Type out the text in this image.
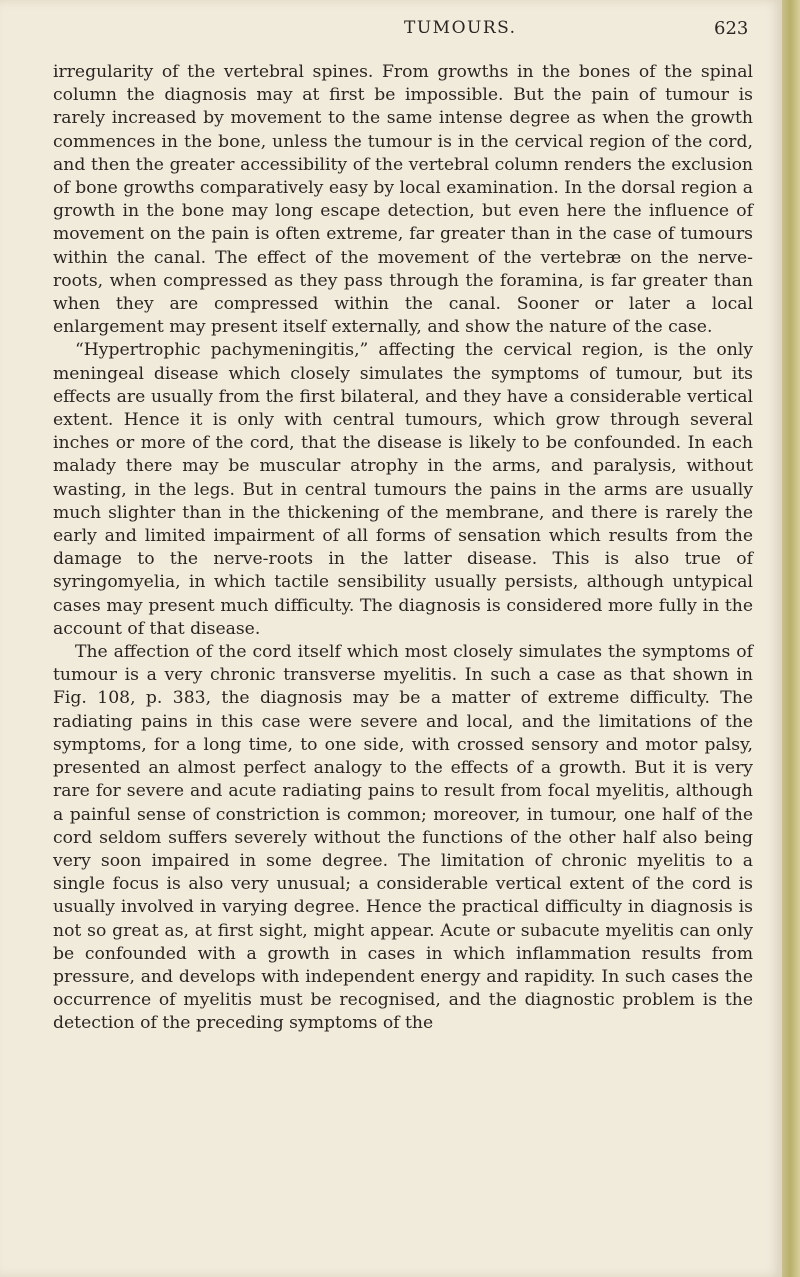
TUMOURS.	623

irregularity of the vertebral spines. From growths in the bones of the spinal column the diagnosis may at first be impossible. But the pain of tumour is rarely increased by movement to the same intense degree as when the growth commences in the bone, unless the tumour is in the cervical region of the cord, and then the greater accessibility of the vertebral column renders the exclusion of bone growths comparatively easy by local examination. In the dorsal region a growth in the bone may long escape detection, but even here the influence of movement on the pain is often extreme, far greater than in the case of tumours within the canal. The effect of the movement of the vertebræ on the nerve-roots, when compressed as they pass through the foramina, is far greater than when they are compressed within the canal. Sooner or later a local enlargement may present itself externally, and show the nature of the case.

“Hypertrophic pachymeningitis,” affecting the cervical region, is the only meningeal disease which closely simulates the symptoms of tumour, but its effects are usually from the first bilateral, and they have a considerable vertical extent. Hence it is only with central tumours, which grow through several inches or more of the cord, that the disease is likely to be confounded. In each malady there may be muscular atrophy in the arms, and paralysis, without wasting, in the legs. But in central tumours the pains in the arms are usually much slighter than in the thickening of the membrane, and there is rarely the early and limited impairment of all forms of sensation which results from the damage to the nerve-roots in the latter disease. This is also true of syringomyelia, in which tactile sensibility usually persists, although untypical cases may present much difficulty. The diagnosis is considered more fully in the account of that disease.

The affection of the cord itself which most closely simulates the symptoms of tumour is a very chronic transverse myelitis. In such a case as that shown in Fig. 108, p. 383, the diagnosis may be a matter of extreme difficulty. The radiating pains in this case were severe and local, and the limitations of the symptoms, for a long time, to one side, with crossed sensory and motor palsy, presented an almost perfect analogy to the effects of a growth. But it is very rare for severe and acute radiating pains to result from focal myelitis, although a painful sense of constriction is common; moreover, in tumour, one half of the cord seldom suffers severely without the functions of the other half also being very soon impaired in some degree. The limitation of chronic myelitis to a single focus is also very unusual; a considerable vertical extent of the cord is usually involved in varying degree. Hence the practical difficulty in diagnosis is not so great as, at first sight, might appear. Acute or subacute myelitis can only be confounded with a growth in cases in which inflammation results from pressure, and develops with independent energy and rapidity. In such cases the occurrence of myelitis must be recognised, and the diagnostic problem is the detection of the preceding symptoms of the
